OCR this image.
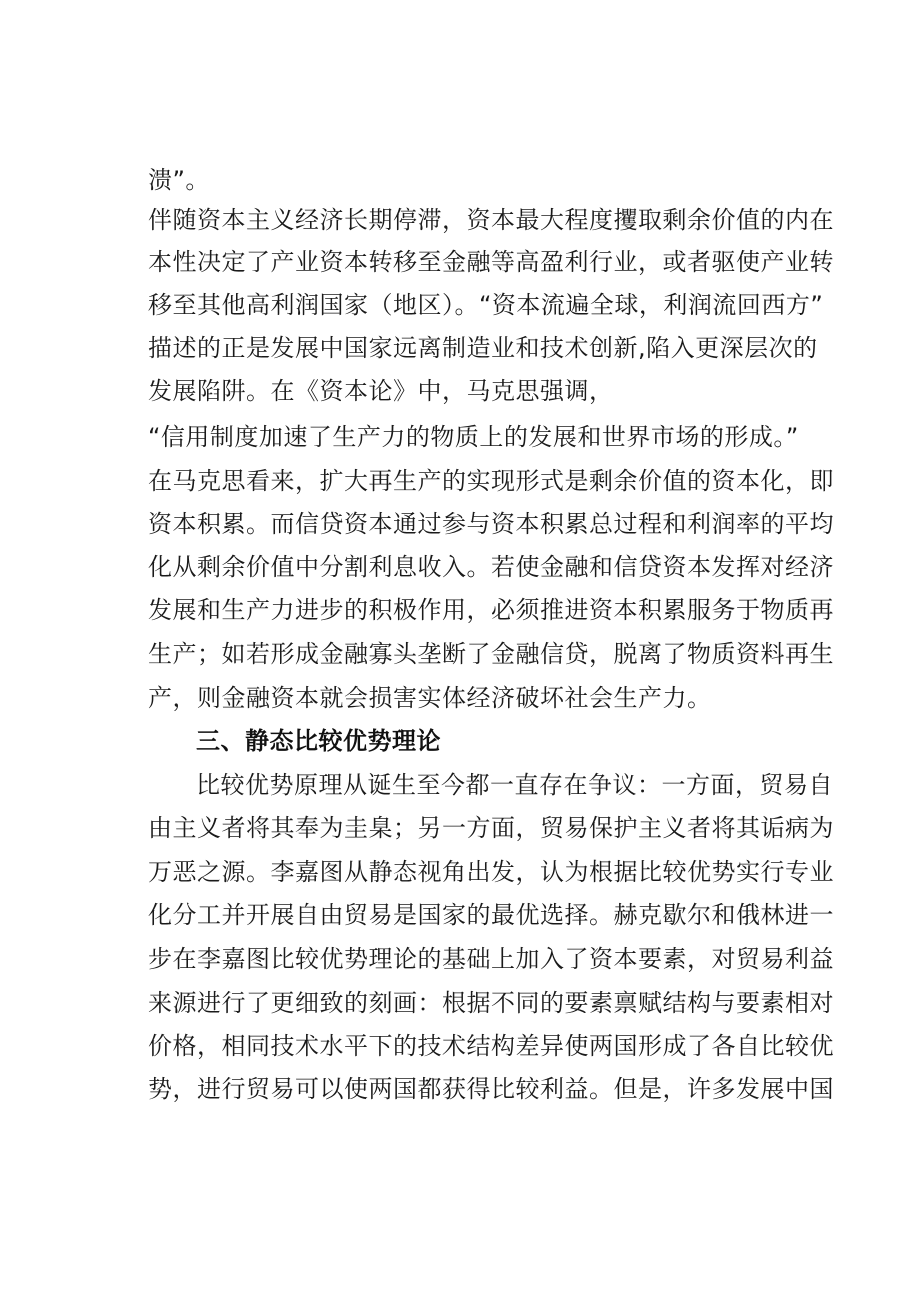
溃”。
伴随资本主义经济长期停滞，资本最大程度攫取剩余价值的内在
本性决定了产业资本转移至金融等高盈利行业，或者驱使产业转
移至其他高利润国家（地区）。“资本流遍全球，利润流回西方”
描述的正是发展中国家远离制造业和技术创新,陷入更深层次的
发展陷阱。在《资本论》中，马克思强调，
“信用制度加速了生产力的物质上的发展和世界市场的形成。”
在马克思看来，扩大再生产的实现形式是剩余价值的资本化，即
资本积累。而信贷资本通过参与资本积累总过程和利润率的平均
化从剩余价值中分割利息收入。若使金融和信贷资本发挥对经济
发展和生产力进步的积极作用，必须推进资本积累服务于物质再
生产；如若形成金融寡头垄断了金融信贷，脱离了物质资料再生
产，则金融资本就会损害实体经济破坏社会生产力。
三、静态比较优势理论
比较优势原理从诞生至今都一直存在争议：一方面，贸易自
由主义者将其奉为圭臬；另一方面，贸易保护主义者将其诟病为
万恶之源。李嘉图从静态视角出发，认为根据比较优势实行专业
化分工并开展自由贸易是国家的最优选择。赫克歇尔和俄林进一
步在李嘉图比较优势理论的基础上加入了资本要素，对贸易利益
来源进行了更细致的刻画：根据不同的要素禀赋结构与要素相对
价格，相同技术水平下的技术结构差异使两国形成了各自比较优
势，进行贸易可以使两国都获得比较利益。但是，许多发展中国
